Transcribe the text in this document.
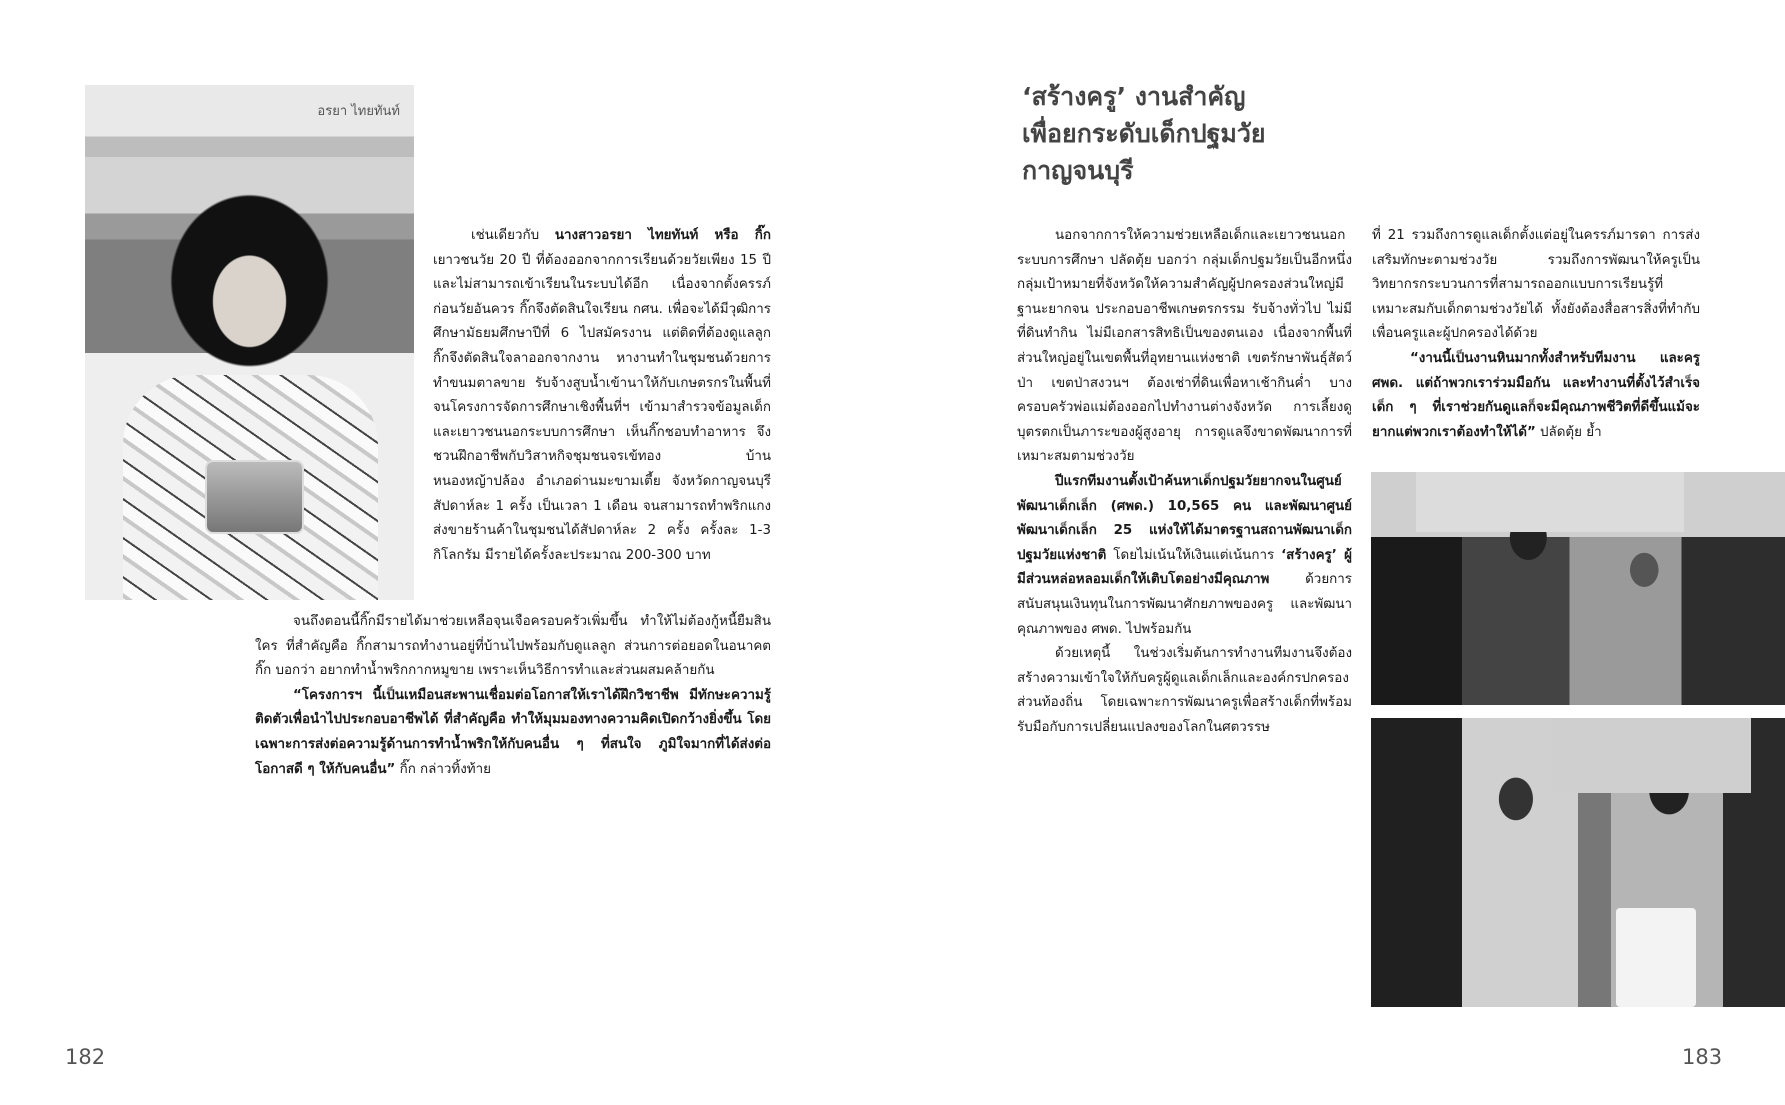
อรยา ไทยทันท์

เช่นเดียวกับ นางสาวอรยา ไทยทันท์ หรือ กิ๊ก เยาวชนวัย 20 ปี ที่ต้องออกจากการเรียนด้วยวัยเพียง 15 ปี และไม่สามารถเข้าเรียนในระบบได้อีก เนื่องจากตั้งครรภ์ก่อนวัยอันควร กิ๊กจึงตัดสินใจเรียน กศน. เพื่อจะได้มีวุฒิการศึกษามัธยมศึกษาปีที่ 6 ไปสมัครงาน แต่ติดที่ต้องดูแลลูก กิ๊กจึงตัดสินใจลาออกจากงาน หางานทำในชุมชนด้วยการทำขนมตาลขาย รับจ้างสูบน้ำเข้านาให้กับเกษตรกรในพื้นที่ จนโครงการจัดการศึกษาเชิงพื้นที่ฯ เข้ามาสำรวจข้อมูลเด็กและเยาวชนนอกระบบการศึกษา เห็นกิ๊กชอบทำอาหาร จึงชวนฝึกอาชีพกับวิสาหกิจชุมชนจรเข้ทอง บ้านหนองหญ้าปล้อง อำเภอด่านมะขามเตี้ย จังหวัดกาญจนบุรี สัปดาห์ละ 1 ครั้ง เป็นเวลา 1 เดือน จนสามารถทำพริกแกงส่งขายร้านค้าในชุมชนได้สัปดาห์ละ 2 ครั้ง ครั้งละ 1-3 กิโลกรัม มีรายได้ครั้งละประมาณ 200-300 บาท

จนถึงตอนนี้กิ๊กมีรายได้มาช่วยเหลือจุนเจือครอบครัวเพิ่มขึ้น ทำให้ไม่ต้องกู้หนี้ยืมสินใคร ที่สำคัญคือ กิ๊กสามารถทำงานอยู่ที่บ้านไปพร้อมกับดูแลลูก ส่วนการต่อยอดในอนาคต กิ๊ก บอกว่า อยากทำน้ำพริกกากหมูขาย เพราะเห็นวิธีการทำและส่วนผสมคล้ายกัน

“โครงการฯ นี้เป็นเหมือนสะพานเชื่อมต่อโอกาสให้เราได้ฝึกวิชาชีพ มีทักษะความรู้ติดตัวเพื่อนำไปประกอบอาชีพได้ ที่สำคัญคือ ทำให้มุมมองทางความคิดเปิดกว้างยิ่งขึ้น โดยเฉพาะการส่งต่อความรู้ด้านการทำน้ำพริกให้กับคนอื่น ๆ ที่สนใจ ภูมิใจมากที่ได้ส่งต่อโอกาสดี ๆ ให้กับคนอื่น” กิ๊ก กล่าวทิ้งท้าย

182
‘สร้างครู’ งานสำคัญ
เพื่อยกระดับเด็กปฐมวัย
กาญจนบุรี

นอกจากการให้ความช่วยเหลือเด็กและเยาวชนนอกระบบการศึกษา ปลัดตุ้ย บอกว่า กลุ่มเด็กปฐมวัยเป็นอีกหนึ่งกลุ่มเป้าหมายที่จังหวัดให้ความสำคัญผู้ปกครองส่วนใหญ่มีฐานะยากจน ประกอบอาชีพเกษตรกรรม รับจ้างทั่วไป ไม่มีที่ดินทำกิน ไม่มีเอกสารสิทธิเป็นของตนเอง เนื่องจากพื้นที่ส่วนใหญ่อยู่ในเขตพื้นที่อุทยานแห่งชาติ เขตรักษาพันธุ์สัตว์ป่า เขตป่าสงวนฯ ต้องเช่าที่ดินเพื่อหาเช้ากินค่ำ บางครอบครัวพ่อแม่ต้องออกไปทำงานต่างจังหวัด การเลี้ยงดูบุตรตกเป็นภาระของผู้สูงอายุ การดูแลจึงขาดพัฒนาการที่เหมาะสมตามช่วงวัย

ปีแรกทีมงานตั้งเป้าค้นหาเด็กปฐมวัยยากจนในศูนย์พัฒนาเด็กเล็ก (ศพด.) 10,565 คน และพัฒนาศูนย์พัฒนาเด็กเล็ก 25 แห่งให้ได้มาตรฐานสถานพัฒนาเด็กปฐมวัยแห่งชาติ โดยไม่เน้นให้เงินแต่เน้นการ ‘สร้างครู’ ผู้มีส่วนหล่อหลอมเด็กให้เติบโตอย่างมีคุณภาพ ด้วยการสนับสนุนเงินทุนในการพัฒนาศักยภาพของครู และพัฒนาคุณภาพของ ศพด. ไปพร้อมกัน

ด้วยเหตุนี้ ในช่วงเริ่มต้นการทำงานทีมงานจึงต้องสร้างความเข้าใจให้กับครูผู้ดูแลเด็กเล็กและองค์กรปกครองส่วนท้องถิ่น โดยเฉพาะการพัฒนาครูเพื่อสร้างเด็กที่พร้อมรับมือกับการเปลี่ยนแปลงของโลกในศตวรรษ

ที่ 21 รวมถึงการดูแลเด็กตั้งแต่อยู่ในครรภ์มารดา การส่งเสริมทักษะตามช่วงวัย รวมถึงการพัฒนาให้ครูเป็นวิทยากรกระบวนการที่สามารถออกแบบการเรียนรู้ที่เหมาะสมกับเด็กตามช่วงวัยได้ ทั้งยังต้องสื่อสารสิ่งที่ทำกับเพื่อนครูและผู้ปกครองได้ด้วย

“งานนี้เป็นงานหินมากทั้งสำหรับทีมงาน และครู ศพด. แต่ถ้าพวกเราร่วมมือกัน และทำงานที่ตั้งไว้สำเร็จ เด็ก ๆ ที่เราช่วยกันดูแลก็จะมีคุณภาพชีวิตที่ดีขึ้นแม้จะยากแต่พวกเราต้องทำให้ได้” ปลัดตุ้ย ย้ำ

183
